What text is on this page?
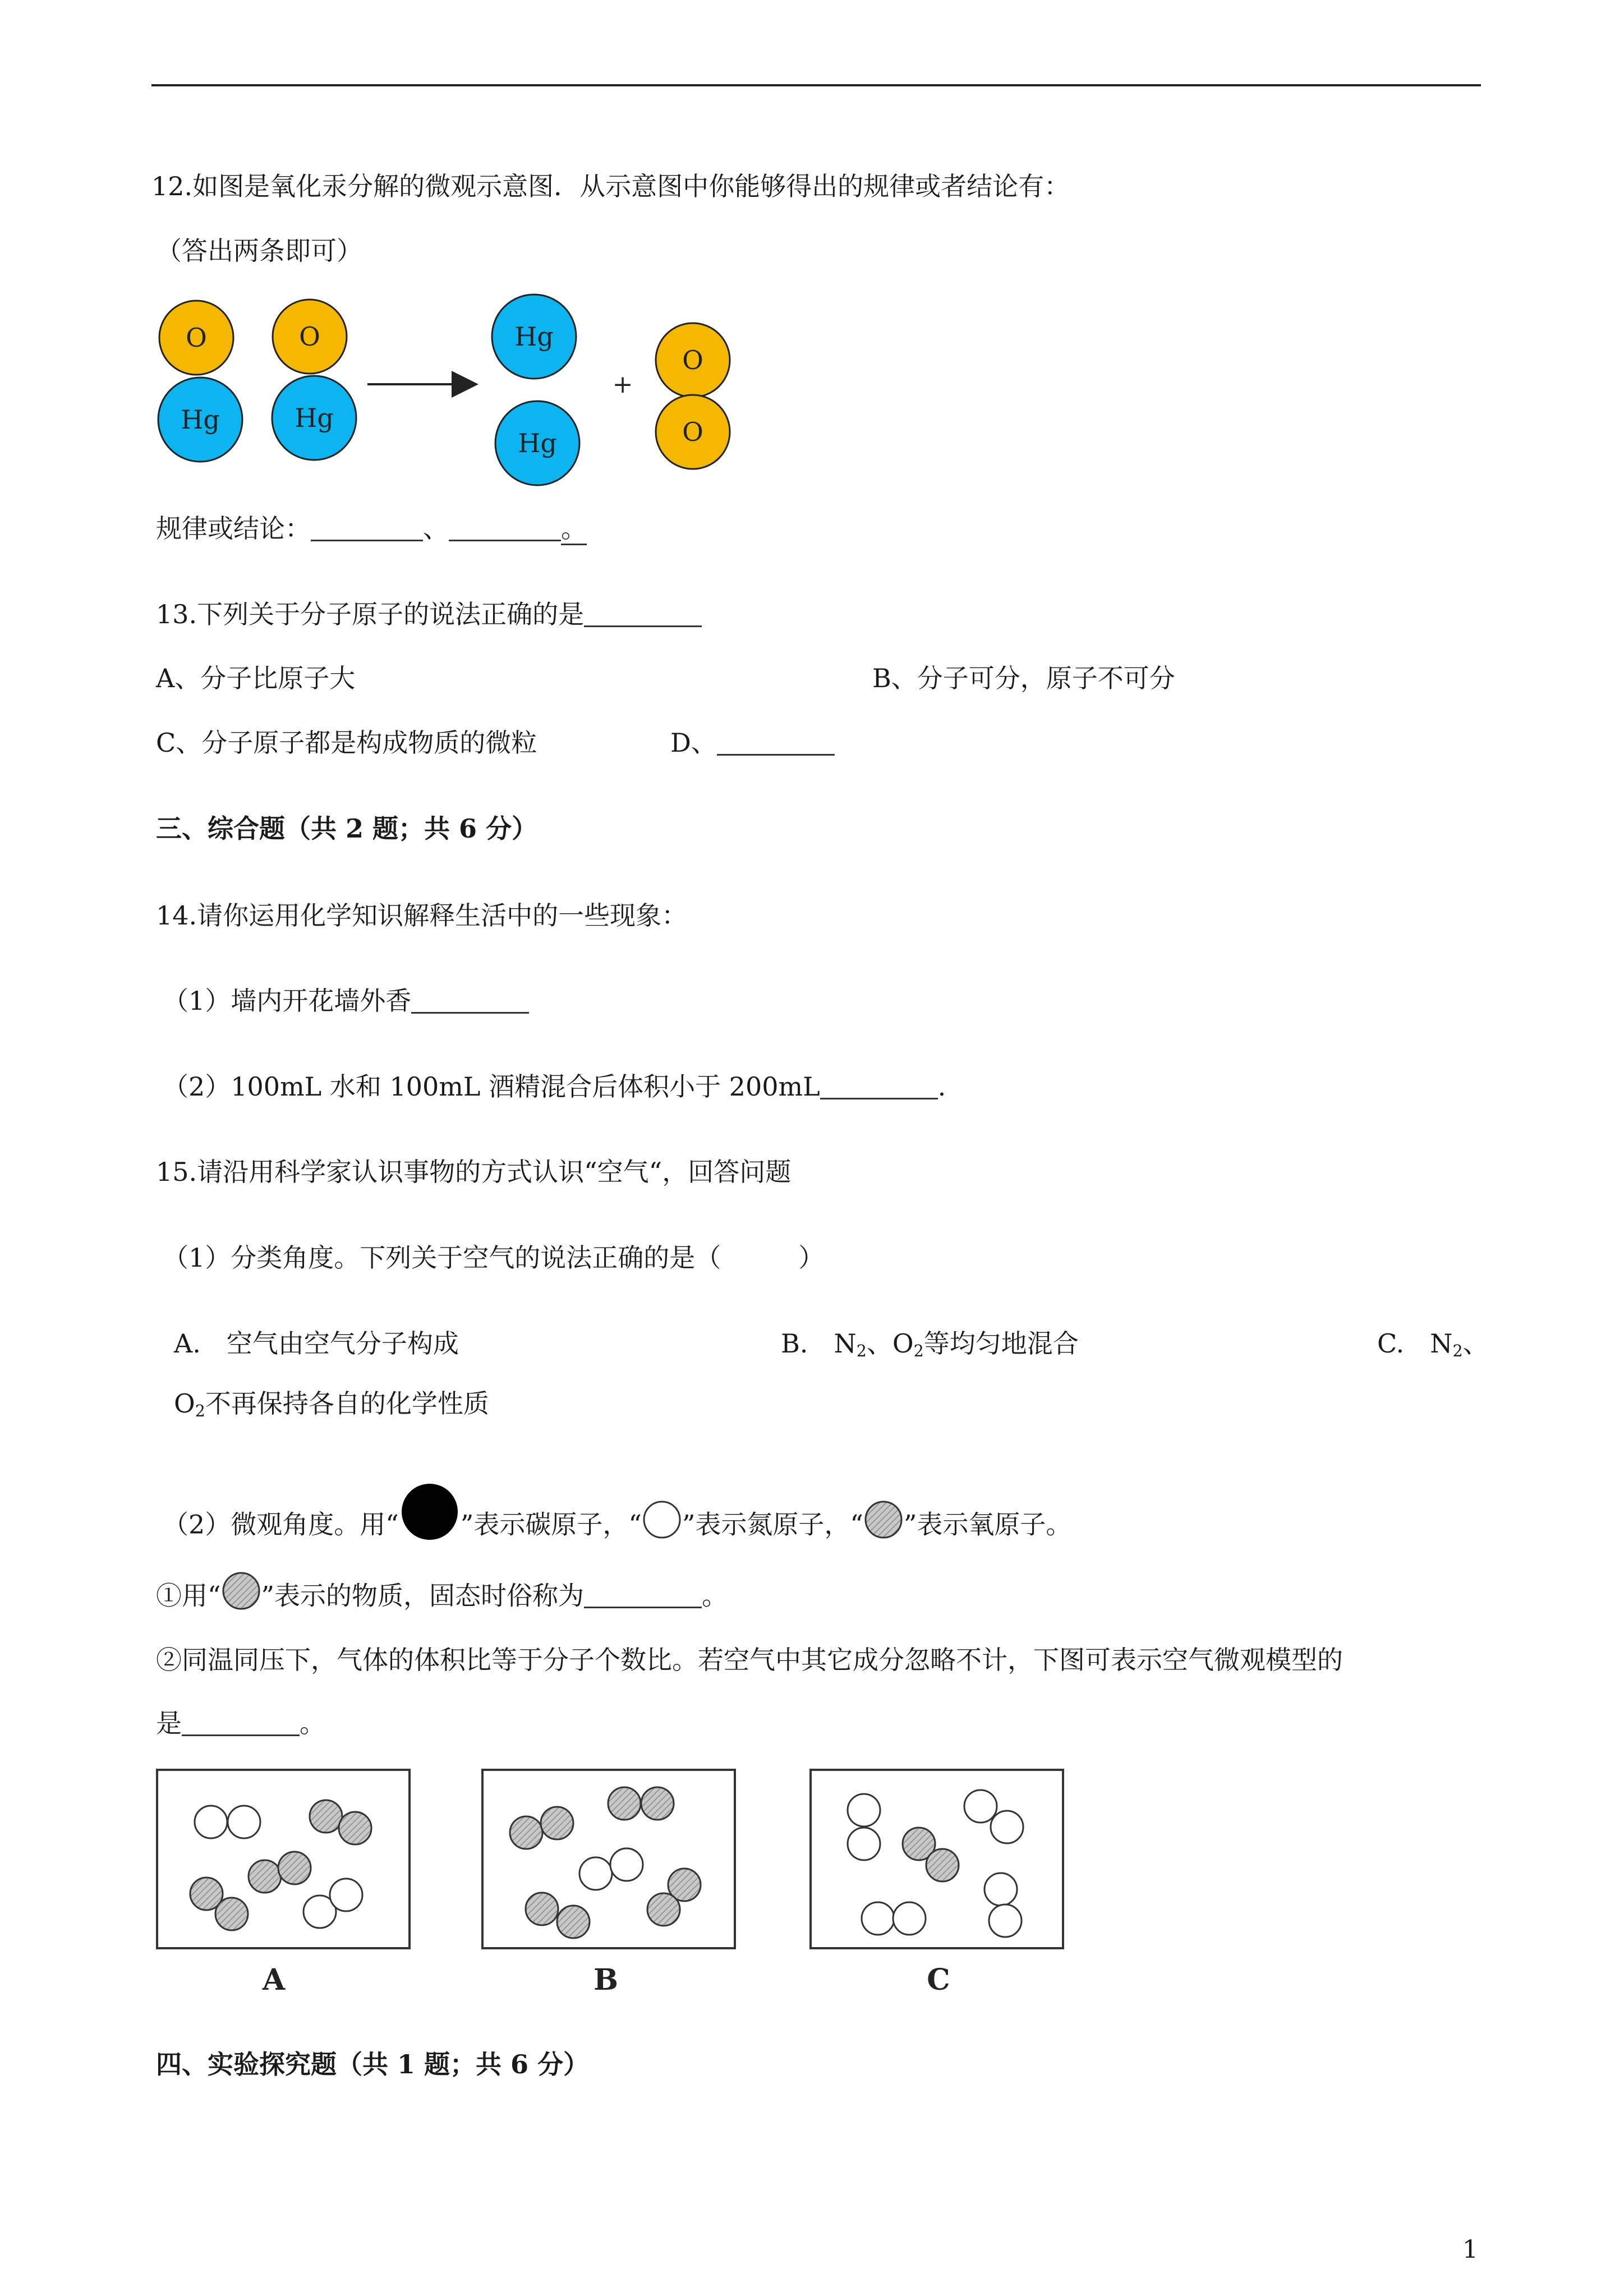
12.如图是氧化汞分解的微观示意图．从示意图中你能够得出的规律或者结论有：
（答出两条即可）
O
Hg
O
Hg
Hg
Hg
+
O
O
规律或结论：	、	。
13.下列关于分子原子的说法正确的是
A、分子比原子大	B、分子可分，原子不可分
C、分子原子都是构成物质的微粒	D、
三、综合题（共 2 题；共 6 分）
14.请你运用化学知识解释生活中的一些现象：
（1）墙内开花墙外香
（2）100mL 水和 100mL 酒精混合后体积小于 200mL	.
15.请沿用科学家认识事物的方式认识“空气“，回答问题
（1）分类角度。下列关于空气的说法正确的是（　　　）
A.　空气由空气分子构成	B.　$N_2$、$O_2$等均匀地混合	C.　$N_2$、
$O_2$不再保持各自的化学性质
（2）微观角度。用“ ”表示碳原子，“ ”表示氮原子，“ ”表示氧原子。
①用“ ”表示的物质，固态时俗称为	。
②同温同压下，气体的体积比等于分子个数比。若空气中其它成分忽略不计，下图可表示空气微观模型的
是	。
A	B	C
四、实验探究题（共 1 题；共 6 分）
1
